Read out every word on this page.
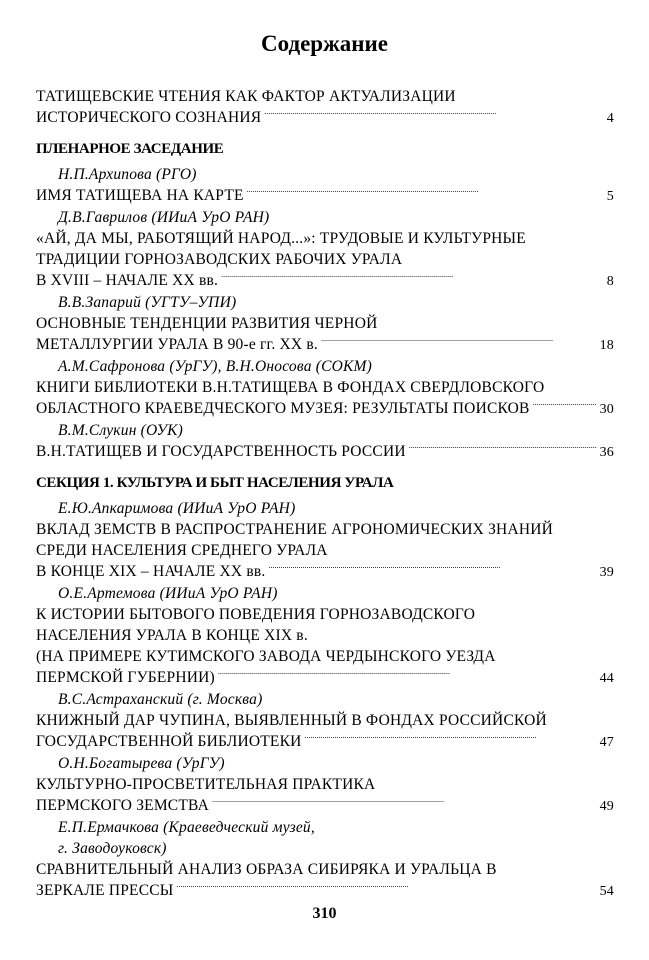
Содержание
ТАТИЩЕВСКИЕ ЧТЕНИЯ КАК ФАКТОР АКТУАЛИЗАЦИИ
ИСТОРИЧЕСКОГО СОЗНАНИЯ . . .	4
ПЛЕНАРНОЕ ЗАСЕДАНИЕ
Н.П.Архипова (РГО)
ИМЯ ТАТИЩЕВА НА КАРТЕ . . .	5
Д.В.Гаврилов (ИИиА УрО РАН)
«АЙ, ДА МЫ, РАБОТЯЩИЙ НАРОД...»: ТРУДОВЫЕ И КУЛЬТУРНЫЕ
ТРАДИЦИИ ГОРНОЗАВОДСКИХ РАБОЧИХ УРАЛА
В XVIII – НАЧАЛЕ XX вв. . . .	8
В.В.Запарий (УГТУ–УПИ)
ОСНОВНЫЕ ТЕНДЕНЦИИ РАЗВИТИЯ ЧЕРНОЙ
МЕТАЛЛУРГИИ УРАЛА В 90-е гг. XX в. . . .	18
А.М.Сафронова (УрГУ), В.Н.Оносова (СОКМ)
КНИГИ БИБЛИОТЕКИ В.Н.ТАТИЩЕВА В ФОНДАХ СВЕРДЛОВСКОГО
ОБЛАСТНОГО КРАЕВЕДЧЕСКОГО МУЗЕЯ: РЕЗУЛЬТАТЫ ПОИСКОВ . . .	30
В.М.Слукин (ОУК)
В.Н.ТАТИЩЕВ И ГОСУДАРСТВЕННОСТЬ РОССИИ . . .	36
СЕКЦИЯ 1. КУЛЬТУРА И БЫТ НАСЕЛЕНИЯ УРАЛА
Е.Ю.Апкаримова (ИИиА УрО РАН)
ВКЛАД ЗЕМСТВ В РАСПРОСТРАНЕНИЕ АГРОНОМИЧЕСКИХ ЗНАНИЙ
СРЕДИ НАСЕЛЕНИЯ СРЕДНЕГО УРАЛА
В КОНЦЕ XIX – НАЧАЛЕ XX вв. . . .	39
О.Е.Артемова (ИИиА УрО РАН)
К ИСТОРИИ БЫТОВОГО ПОВЕДЕНИЯ ГОРНОЗАВОДСКОГО
НАСЕЛЕНИЯ УРАЛА В КОНЦЕ XIX в.
(НА ПРИМЕРЕ КУТИМСКОГО ЗАВОДА ЧЕРДЫНСКОГО УЕЗДА
ПЕРМСКОЙ ГУБЕРНИИ) . . .	44
В.С.Астраханский (г. Москва)
КНИЖНЫЙ ДАР ЧУПИНА, ВЫЯВЛЕННЫЙ В ФОНДАХ РОССИЙСКОЙ
ГОСУДАРСТВЕННОЙ БИБЛИОТЕКИ . . .	47
О.Н.Богатырева (УрГУ)
КУЛЬТУРНО-ПРОСВЕТИТЕЛЬНАЯ ПРАКТИКА
ПЕРМСКОГО ЗЕМСТВА . . .	49
Е.П.Ермачкова (Краеведческий музей,
г. Заводоуковск)
СРАВНИТЕЛЬНЫЙ АНАЛИЗ ОБРАЗА СИБИРЯКА И УРАЛЬЦА В
ЗЕРКАЛЕ ПРЕССЫ . . .	54
310
